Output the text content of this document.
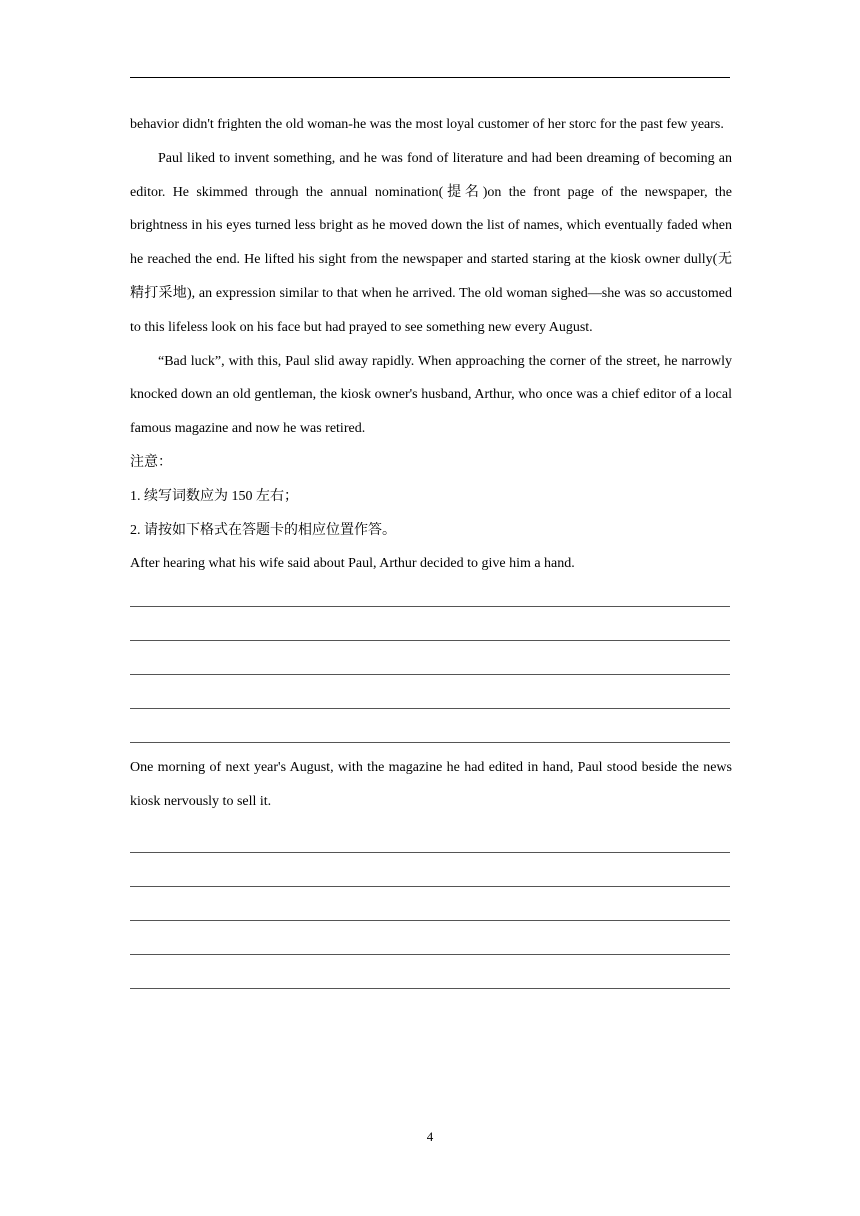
behavior didn't frighten the old woman-he was the most loyal customer of her storc for the past few years.

Paul liked to invent something, and he was fond of literature and had been dreaming of becoming an editor. He skimmed through the annual nomination(提名)on the front page of the newspaper, the brightness in his eyes turned less bright as he moved down the list of names, which eventually faded when he reached the end. He lifted his sight from the newspaper and started staring at the kiosk owner dully(无精打采地), an expression similar to that when he arrived. The old woman sighed—she was so accustomed to this lifeless look on his face but had prayed to see something new every August.

“Bad luck”, with this, Paul slid away rapidly. When approaching the corner of the street, he narrowly knocked down an old gentleman, the kiosk owner's husband, Arthur, who once was a chief editor of a local famous magazine and now he was retired.

注意：

1. 续写词数应为 150 左右；

2. 请按如下格式在答题卡的相应位置作答。

After hearing what his wife said about Paul, Arthur decided to give him a hand.

One morning of next year's August, with the magazine he had edited in hand, Paul stood beside the news kiosk nervously to sell it.

4
